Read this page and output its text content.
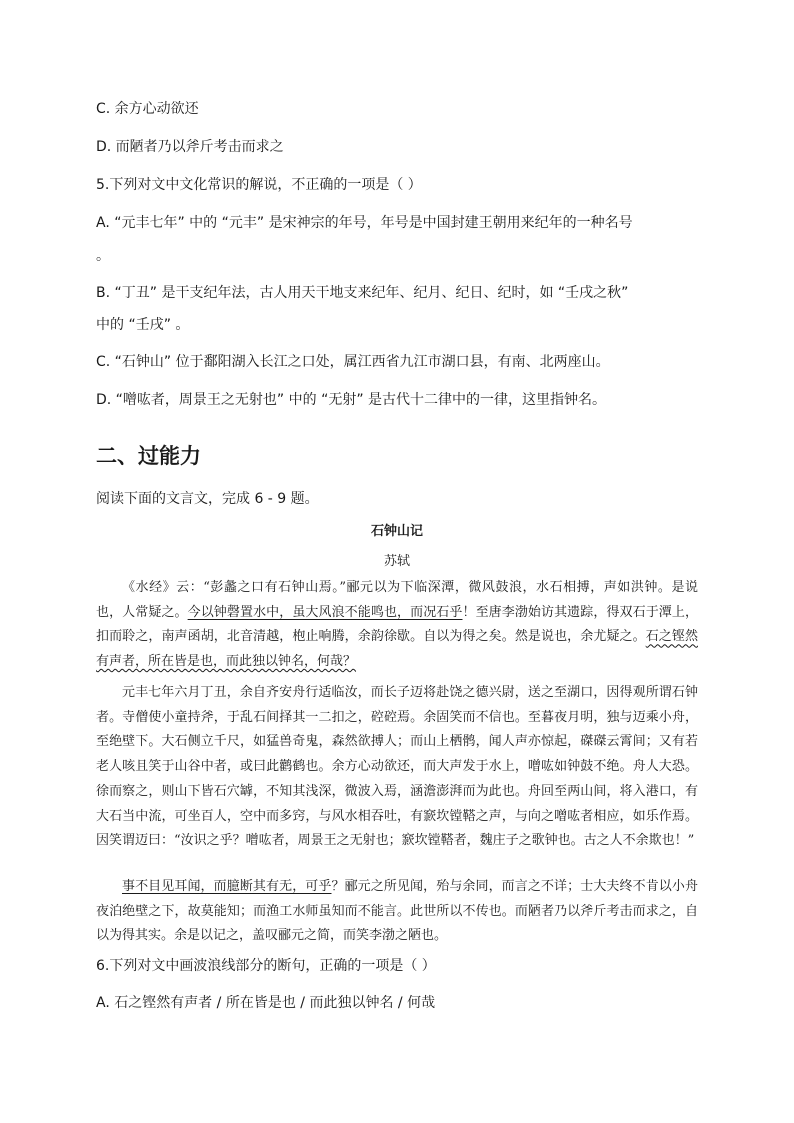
C. 余方心动欲还
D. 而陋者乃以斧斤考击而求之
5.下列对文中文化常识的解说，不正确的一项是（ ）
A. “元丰七年” 中的 “元丰” 是宋神宗的年号，年号是中国封建王朝用来纪年的一种名号
。
B. “丁丑” 是干支纪年法，古人用天干地支来纪年、纪月、纪日、纪时，如 “壬戌之秋”
中的 “壬戌” 。
C. “石钟山” 位于鄱阳湖入长江之口处，属江西省九江市湖口县，有南、北两座山。
D. “噌吰者，周景王之无射也” 中的 “无射” 是古代十二律中的一律，这里指钟名。
二、过能力
阅读下面的文言文，完成 6 - 9 题。
石钟山记
苏轼

《水经》云：“彭蠡之口有石钟山焉。”郦元以为下临深潭，微风鼓浪，水石相搏，声如洪钟。是说也，人常疑之。今以钟磬置水中，虽大风浪不能鸣也，而况石乎！至唐李渤始访其遗踪，得双石于潭上，扣而聆之，南声函胡，北音清越，枹止响腾，余韵徐歇。自以为得之矣。然是说也，余尤疑之。石之铿然有声者，所在皆是也，而此独以钟名，何哉？

元丰七年六月丁丑，余自齐安舟行适临汝，而长子迈将赴饶之德兴尉，送之至湖口，因得观所谓石钟者。寺僧使小童持斧，于乱石间择其一二扣之，硿硿焉。余固笑而不信也。至暮夜月明，独与迈乘小舟，至绝壁下。大石侧立千尺，如猛兽奇鬼，森然欲搏人；而山上栖鹘，闻人声亦惊起，磔磔云霄间；又有若老人咳且笑于山谷中者，或曰此鹳鹤也。余方心动欲还，而大声发于水上，噌吰如钟鼓不绝。舟人大恐。徐而察之，则山下皆石穴罅，不知其浅深，微波入焉，涵澹澎湃而为此也。舟回至两山间，将入港口，有大石当中流，可坐百人，空中而多窍，与风水相吞吐，有窾坎镗鞳之声，与向之噌吰者相应，如乐作焉。因笑谓迈曰：“汝识之乎？噌吰者，周景王之无射也；窾坎镗鞳者，魏庄子之歌钟也。古之人不余欺也！”

事不目见耳闻，而臆断其有无，可乎？郦元之所见闻，殆与余同，而言之不详；士大夫终不肯以小舟夜泊绝壁之下，故莫能知；而渔工水师虽知而不能言。此世所以不传也。而陋者乃以斧斤考击而求之，自以为得其实。余是以记之，盖叹郦元之简，而笑李渤之陋也。

6.下列对文中画波浪线部分的断句，正确的一项是（ ）
A. 石之铿然有声者 / 所在皆是也 / 而此独以钟名 / 何哉
